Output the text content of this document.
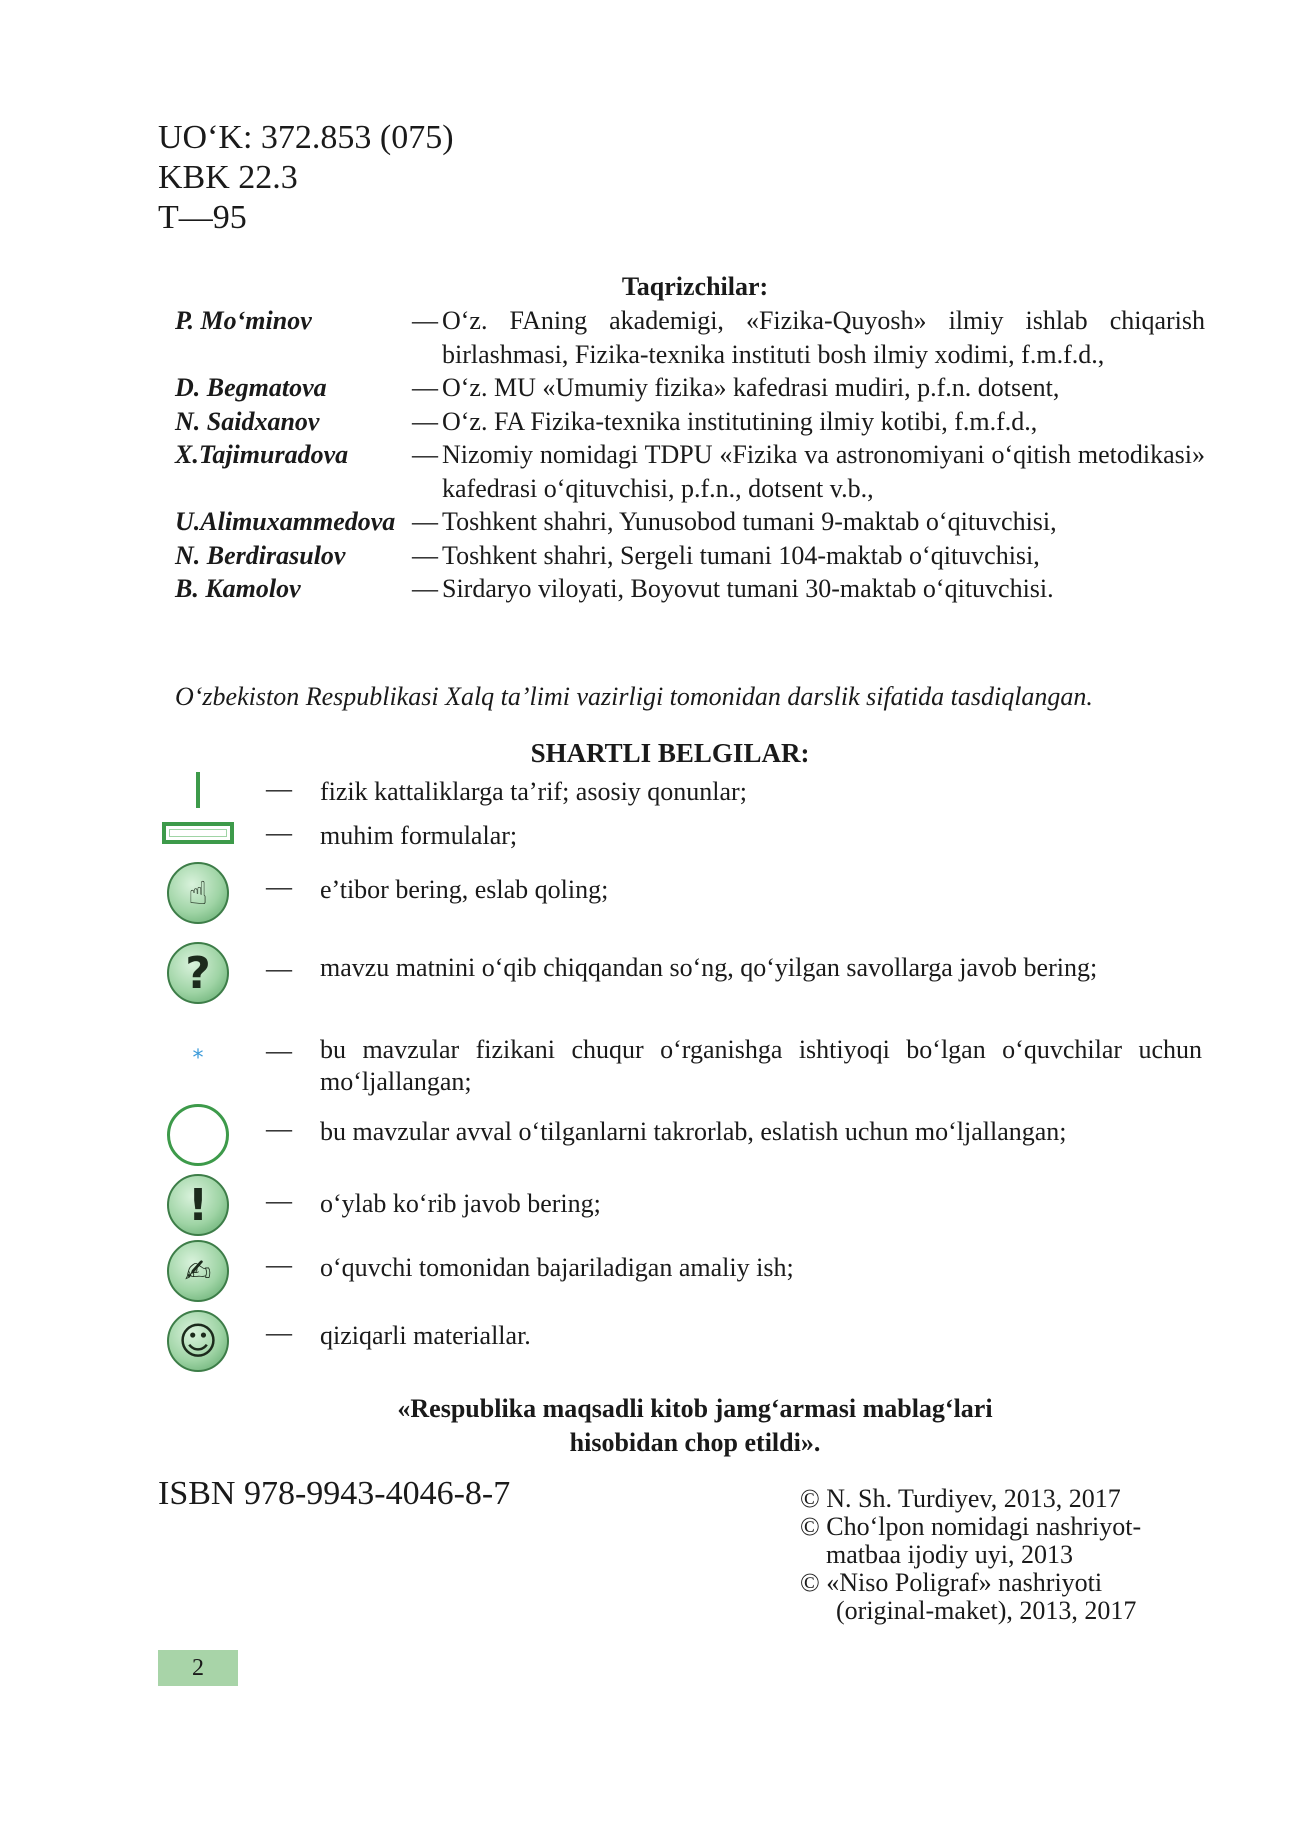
UO‘K: 372.853 (075)
KBK 22.3
T—95
Taqrizchilar:
P. Mo‘minov	— O‘z. FAning akademigi, «Fizika-Quyosh» ilmiy ishlab chiqarish birlashmasi, Fizika-texnika instituti bosh ilmiy xodimi, f.m.f.d.,
D. Begmatova	— O‘z. MU «Umumiy fizika» kafedrasi mudiri, p.f.n. dotsent,
N. Saidxanov	— O‘z. FA Fizika-texnika institutining ilmiy kotibi, f.m.f.d.,
X.Tajimuradova	— Nizomiy nomidagi TDPU «Fizika va astronomiyani o‘qitish metodikasi» kafedrasi o‘qituvchisi, p.f.n., dotsent v.b.,
U.Alimuxammedova — Toshkent shahri, Yunusobod tumani 9-maktab o‘qituvchisi,
N. Berdirasulov	— Toshkent shahri, Sergeli tumani 104-maktab o‘qituvchisi,
B. Kamolov	— Sirdaryo viloyati, Boyovut tumani 30-maktab o‘qituvchisi.
O‘zbekiston Respublikasi Xalq ta’limi vazirligi tomonidan darslik sifatida tasdiqlangan.
SHARTLI BELGILAR:
— fizik kattaliklarga ta’rif; asosiy qonunlar;
— muhim formulalar;
☝	— e’tibor bering, eslab qoling;
?	— mavzu matnini o‘qib chiqqandan so‘ng, qo‘yilgan savollarga javob bering;
* — bu mavzular fizikani chuqur o‘rganishga ishtiyoqi bo‘lgan o‘quvchilar uchun mo‘ljallangan;
— bu mavzular avval o‘tilganlarni takrorlab, eslatish uchun mo‘ljallangan;
!	— o‘ylab ko‘rib javob bering;
✍	— o‘quvchi tomonidan bajariladigan amaliy ish;
☺	— qiziqarli materiallar.
«Respublika maqsadli kitob jamg‘armasi mablag‘lari
hisobidan chop etildi».
ISBN 978-9943-4046-8-7	© N. Sh. Turdiyev, 2013, 2017
© Cho‘lpon nomidagi nashriyot-
matbaa ijodiy uyi, 2013
© «Niso Poligraf» nashriyoti
(original-maket), 2013, 2017
2
